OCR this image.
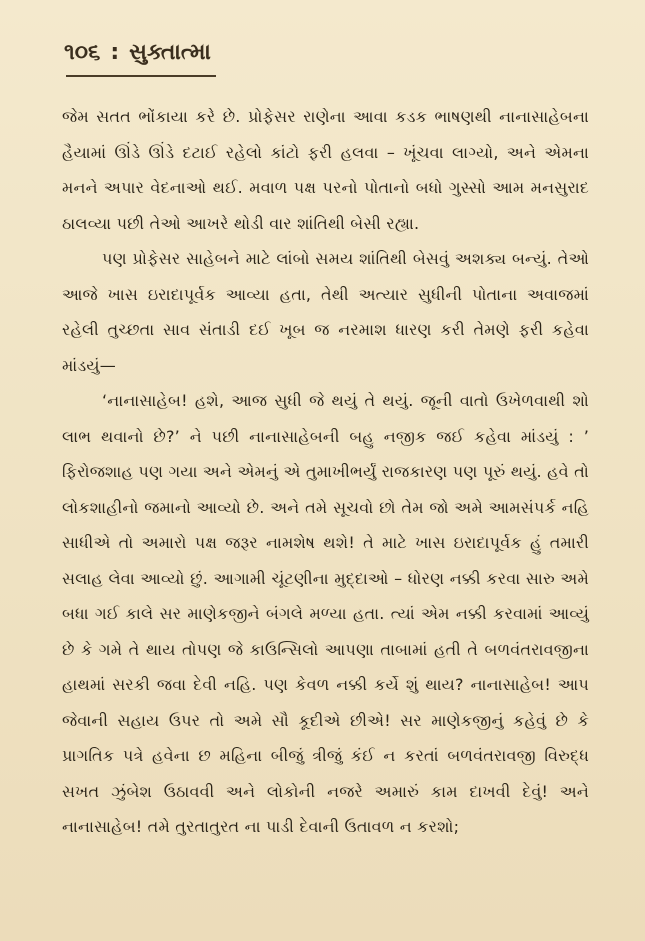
૧૦૬ : સુક્તાત્મા

જેમ સતત ભોંકાયા કરે છે. પ્રોફેસર રાણેના આવા કડક ભાષણથી નાનાસાહેબના હૈયામાં ઊંડે ઊંડે દટાઈ રહેલો કાંટો ફરી હલવા – ખૂંચવા લાગ્યો, અને એમના મનને અપાર વેદનાઓ થઈ. મવાળ પક્ષ પરનો પોતાનો બધો ગુસ્સો આમ મનસુરાદ ઠાલવ્યા પછી તેઓ આખરે થોડી વાર શાંતિથી બેસી રહ્યા.

પણ પ્રોફેસર સાહેબને માટે લાંબો સમય શાંતિથી બેસવું અશક્ય બન્યું. તેઓ આજે ખાસ ઇરાદાપૂર્વક આવ્યા હતા, તેથી અત્યાર સુધીની પોતાના અવાજમાં રહેલી તુચ્છતા સાવ સંતાડી દઈ ખૂબ જ નરમાશ ધારણ કરી તેમણે ફરી કહેવા માંડયું—

‘નાનાસાહેબ! હશે, આજ સુધી જે થયું તે થયું. જૂની વાતો ઉખેળવાથી શો લાભ થવાનો છે?’ ને પછી નાનાસાહેબની બહુ નજીક જઈ કહેવા માંડયું : ’ ફિરોજશાહ પણ ગયા અને એમનું એ તુમાખીભર્યું રાજકારણ પણ પૂરું થયું. હવે તો લોકશાહીનો જમાનો આવ્યો છે. અને તમે સૂચવો છો તેમ જો અમે આમસંપર્ક નહિ સાધીએ તો અમારો પક્ષ જરૂર નામશેષ થશે! તે માટે ખાસ ઇરાદાપૂર્વક હું તમારી સલાહ લેવા આવ્યો છું. આગામી ચૂંટણીના મુદ્દાઓ – ધોરણ નક્કી કરવા સારુ અમે બધા ગઈ કાલે સર માણેકજીને બંગલે મળ્યા હતા. ત્યાં એમ નક્કી કરવામાં આવ્યું છે કે ગમે તે થાય તોપણ જે કાઉન્સિલો આપણા તાબામાં હતી તે બળવંતરાવજીના હાથમાં સરકી જવા દેવી નહિ. પણ કેવળ નક્કી કર્યે શું થાય? નાનાસાહેબ! આપ જેવાની સહાય ઉપર તો અમે સૌ કૂદીએ છીએ! સર માણેકજીનું કહેવું છે કે પ્રાગતિક પત્રે હવેના છ મહિના બીજું ત્રીજું કંઈ ન કરતાં બળવંતરાવજી વિરુદ્ધ સખત ઝુંબેશ ઉઠાવવી અને લોકોની નજરે અમારું કામ દાખવી દેવું! અને નાનાસાહેબ! તમે તુરતાતુરત ના પાડી દેવાની ઉતાવળ ન કરશો;
